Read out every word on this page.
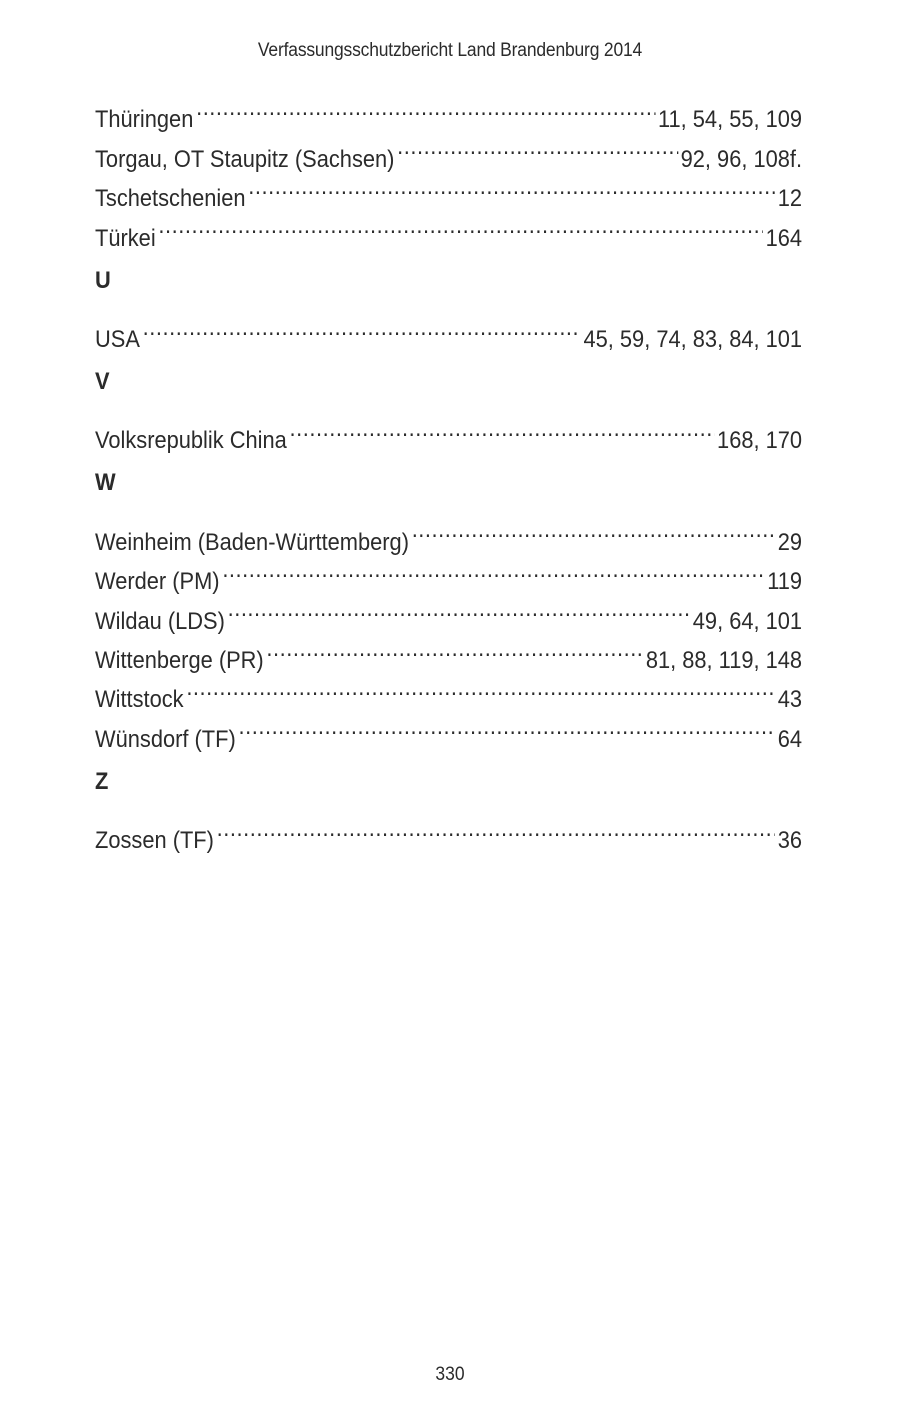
Verfassungsschutzbericht Land Brandenburg 2014
Thüringen .....	11, 54, 55, 109
Torgau, OT Staupitz (Sachsen) .....	92, 96, 108f.
Tschetschenien .....	12
Türkei .....	164
U
USA .....	45, 59, 74, 83, 84, 101
V
Volksrepublik China .....	168, 170
W
Weinheim (Baden-Württemberg) .....	29
Werder (PM) .....	119
Wildau (LDS) .....	49, 64, 101
Wittenberge (PR) .....	81, 88, 119, 148
Wittstock .....	43
Wünsdorf (TF) .....	64
Z
Zossen (TF) .....	36
330
